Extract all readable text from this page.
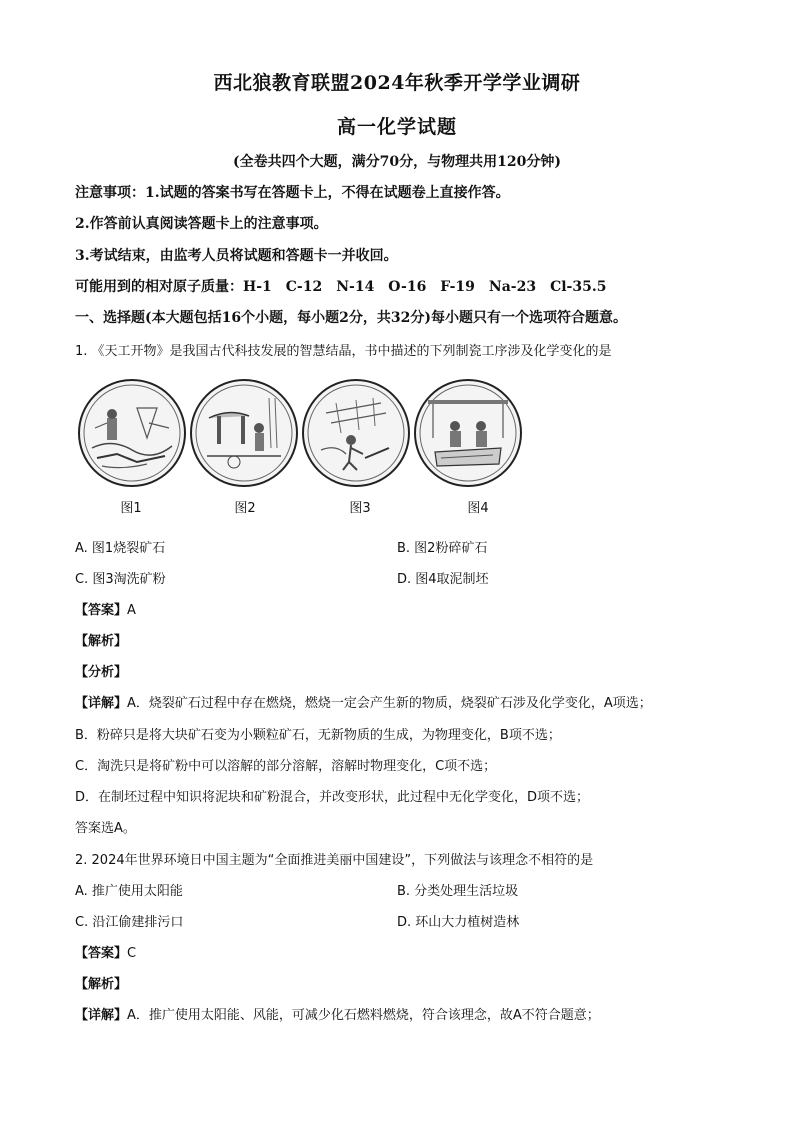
西北狼教育联盟2024年秋季开学学业调研
高一化学试题
(全卷共四个大题，满分70分，与物理共用120分钟)
注意事项：1.试题的答案书写在答题卡上，不得在试题卷上直接作答。
2.作答前认真阅读答题卡上的注意事项。
3.考试结束，由监考人员将试题和答题卡一并收回。
可能用到的相对原子质量：H-1　C-12　N-14　O-16　F-19　Na-23　Cl-35.5
一、选择题(本大题包括16个小题，每小题2分，共32分)每小题只有一个选项符合题意。
1. 《天工开物》是我国古代科技发展的智慧结晶，书中描述的下列制瓷工序涉及化学变化的是
图1	图2	图3	图4
A. 图1烧裂矿石	B. 图2粉碎矿石
C. 图3淘洗矿粉	D. 图4取泥制坯
【答案】A
【解析】
【分析】
【详解】A．烧裂矿石过程中存在燃烧，燃烧一定会产生新的物质，烧裂矿石涉及化学变化，A项选；
B．粉碎只是将大块矿石变为小颗粒矿石，无新物质的生成，为物理变化，B项不选；
C．淘洗只是将矿粉中可以溶解的部分溶解，溶解时物理变化，C项不选；
D．在制坯过程中知识将泥块和矿粉混合，并改变形状，此过程中无化学变化，D项不选；
答案选A。
2. 2024年世界环境日中国主题为“全面推进美丽中国建设”，下列做法与该理念不相符的是
A. 推广使用太阳能	B. 分类处理生活垃圾
C. 沿江偷建排污口	D. 环山大力植树造林
【答案】C
【解析】
【详解】A．推广使用太阳能、风能，可减少化石燃料燃烧，符合该理念，故A不符合题意；
